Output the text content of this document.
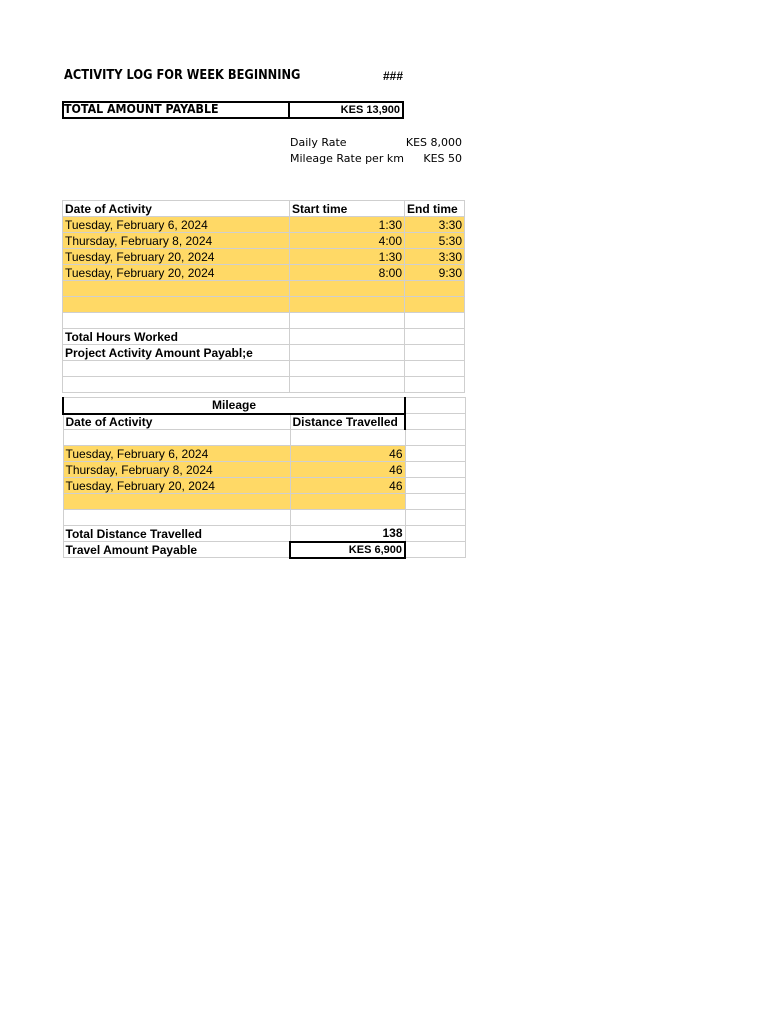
ACTIVITY LOG FOR WEEK BEGINNING	###
TOTAL AMOUNT PAYABLE	KES 13,900
Daily Rate	KES 8,000
Mileage Rate per km	KES 50
Date of Activity	Start time	End time
Tuesday, February 6, 2024	1:30	3:30
Thursday, February 8, 2024	4:00	5:30
Tuesday, February 20, 2024	1:30	3:30
Tuesday, February 20, 2024	8:00	9:30

Total Hours Worked		
Project Activity Amount Payabl;e		

Mileage		
Date of Activity	Distance Travelled	

Tuesday, February 6, 2024	46	
Thursday, February 8, 2024	46	
Tuesday, February 20, 2024	46	

Total Distance Travelled	138	
Travel Amount Payable	KES 6,900	
